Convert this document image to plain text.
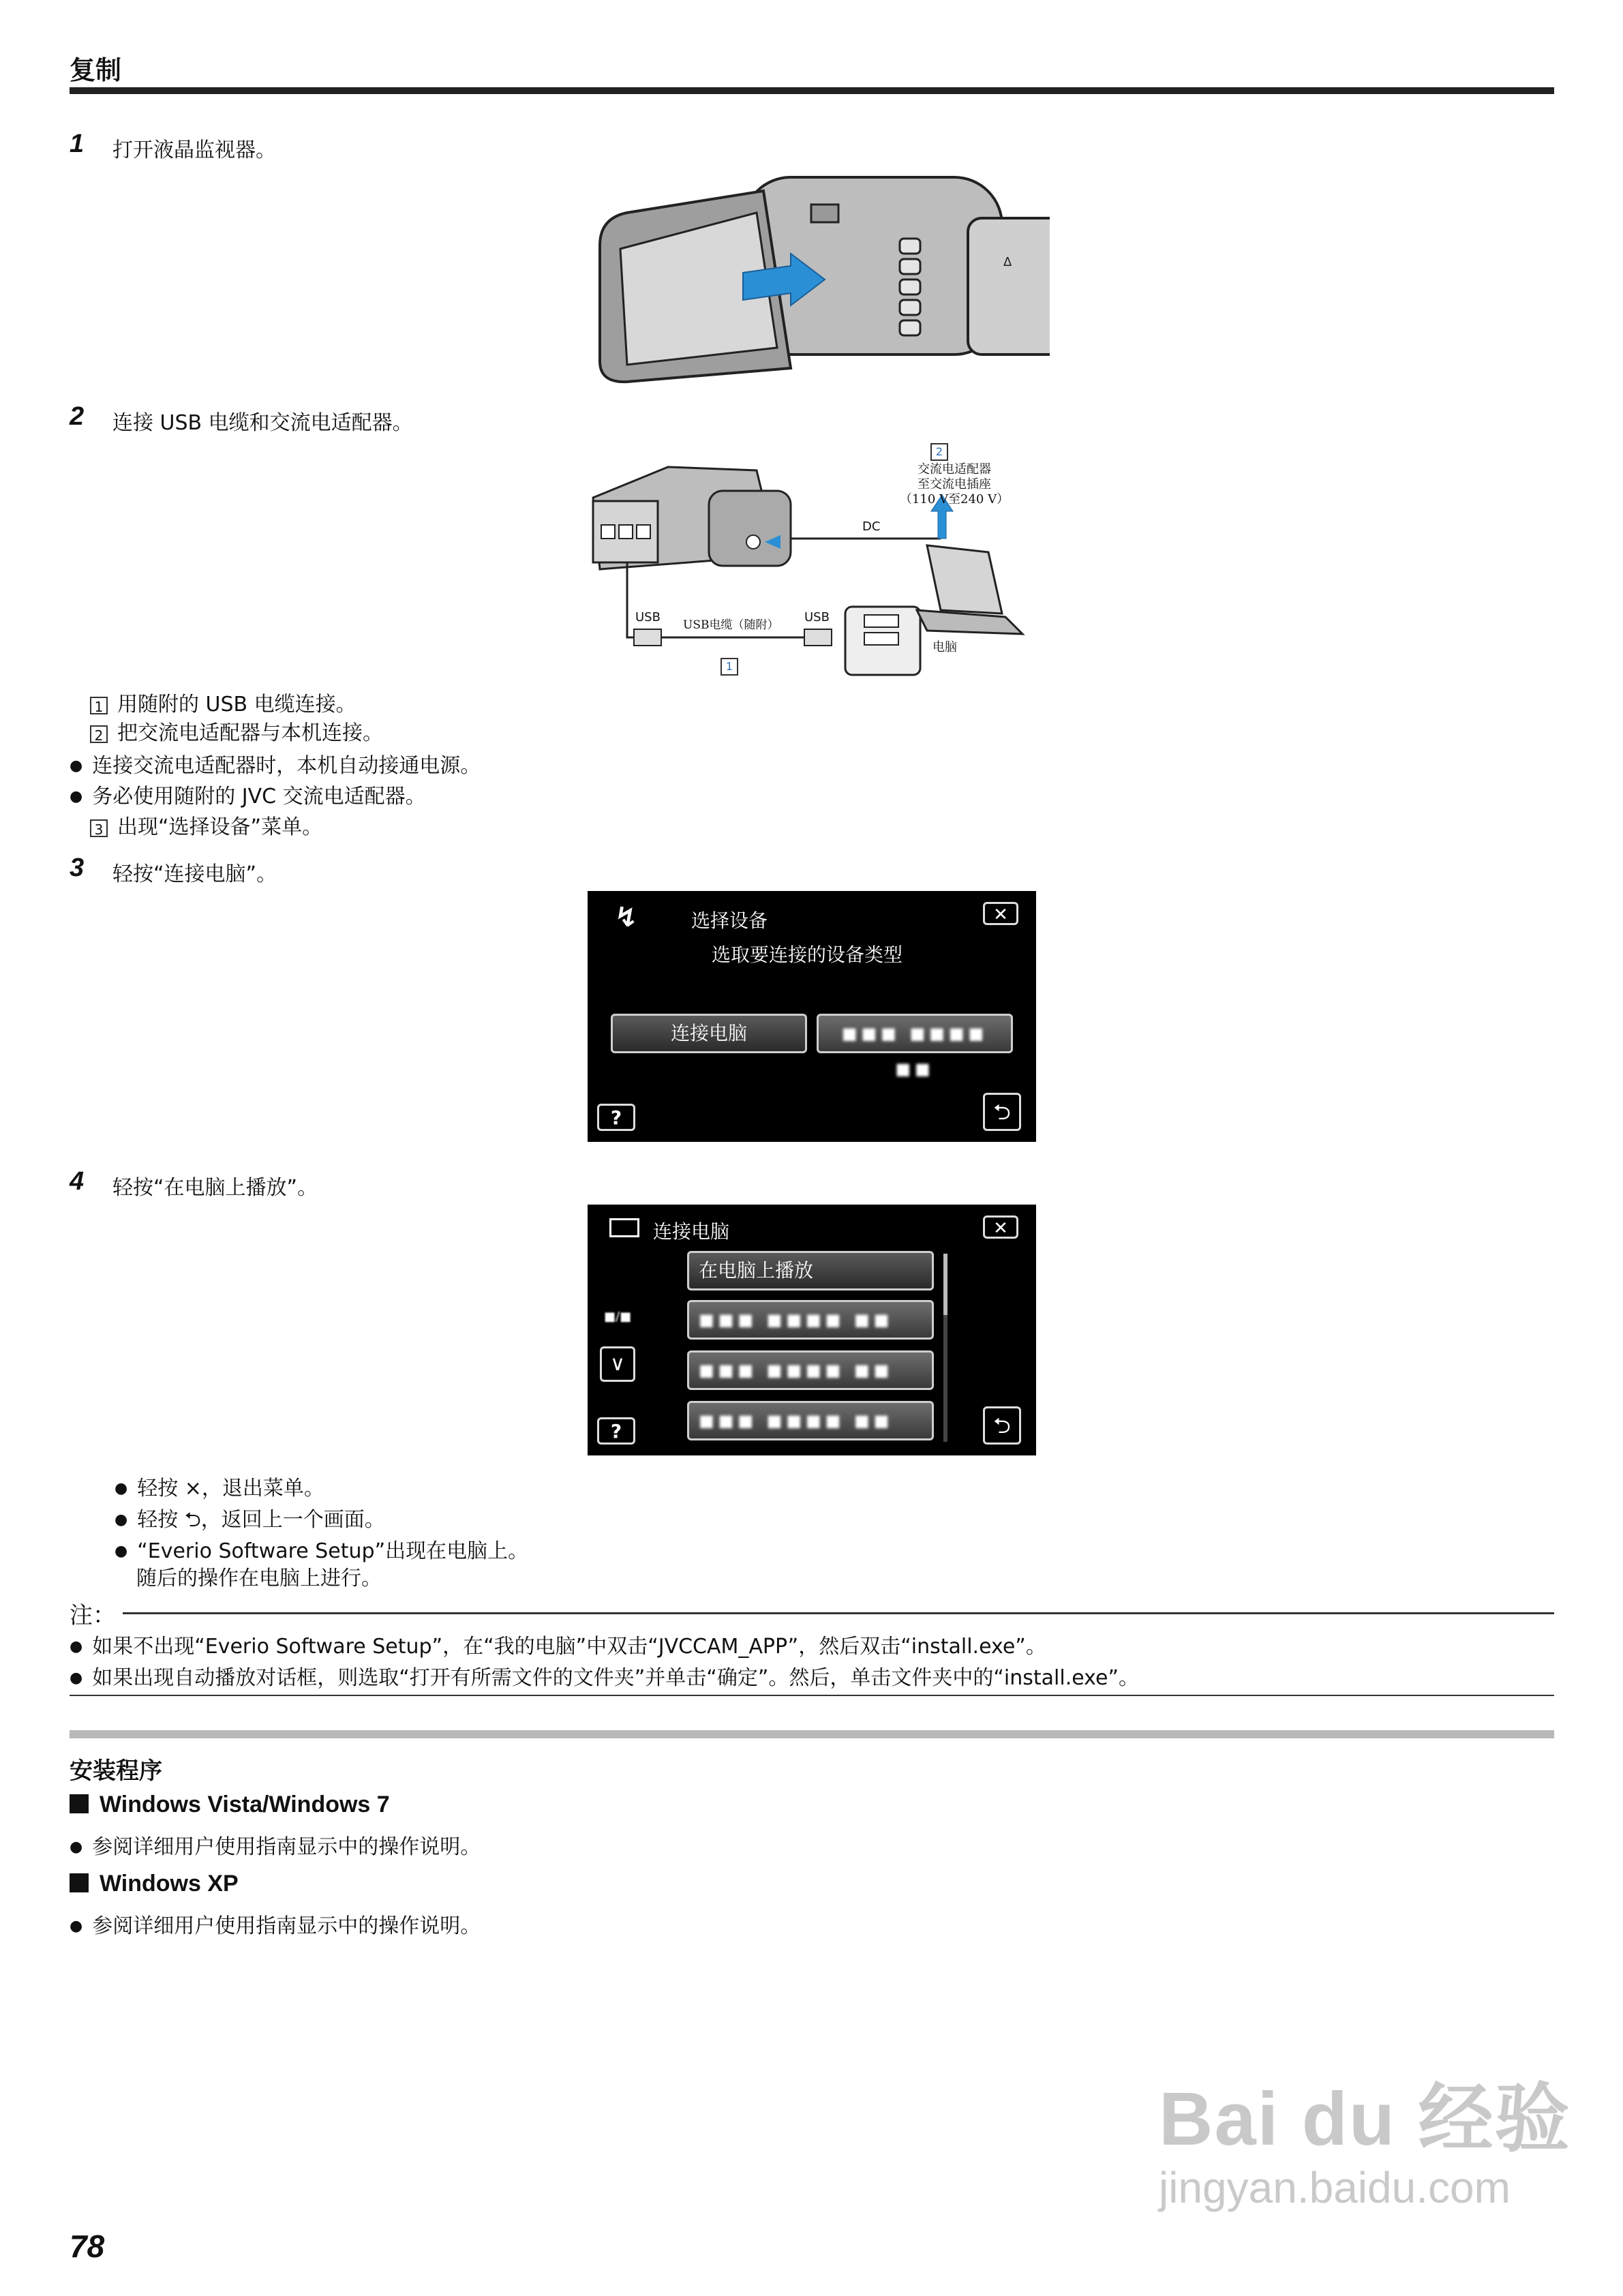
复制
1 打开液晶监视器。
Δ
2 连接 USB 电缆和交流电适配器。
2
交流电适配器
至交流电插座
（110 V至240 V）
DC
USB
USB电缆（随附）
USB
电脑
1
1 用随附的 USB 电缆连接。
2 把交流电适配器与本机连接。
● 连接交流电适配器时，本机自动接通电源。
● 务必使用随附的 JVC 交流电适配器。
3 出现“选择设备”菜单。
3 轻按“连接电脑”。
↯	选择设备	✕
选取要连接的设备类型
连接电脑	■■■ ■■■■ ■■
?	⮌
4 轻按“在电脑上播放”。
连接电脑	✕
在电脑上播放
■■■ ■■■■ ■■
■■■ ■■■■ ■■
■■■ ■■■■ ■■
■/■
∨
?	⮌
● 轻按 ×，退出菜单。
● 轻按 ⮌，返回上一个画面。
● “Everio Software Setup”出现在电脑上。
随后的操作在电脑上进行。
注：
● 如果不出现“Everio Software Setup”，在“我的电脑”中双击“JVCCAM_APP”，然后双击“install.exe”。
● 如果出现自动播放对话框，则选取“打开有所需文件的文件夹”并单击“确定”。然后，单击文件夹中的“install.exe”。
安装程序
Windows Vista/Windows 7
● 参阅详细用户使用指南显示中的操作说明。
Windows XP
● 参阅详细用户使用指南显示中的操作说明。
78
Bai du 经验
jingyan.baidu.com
